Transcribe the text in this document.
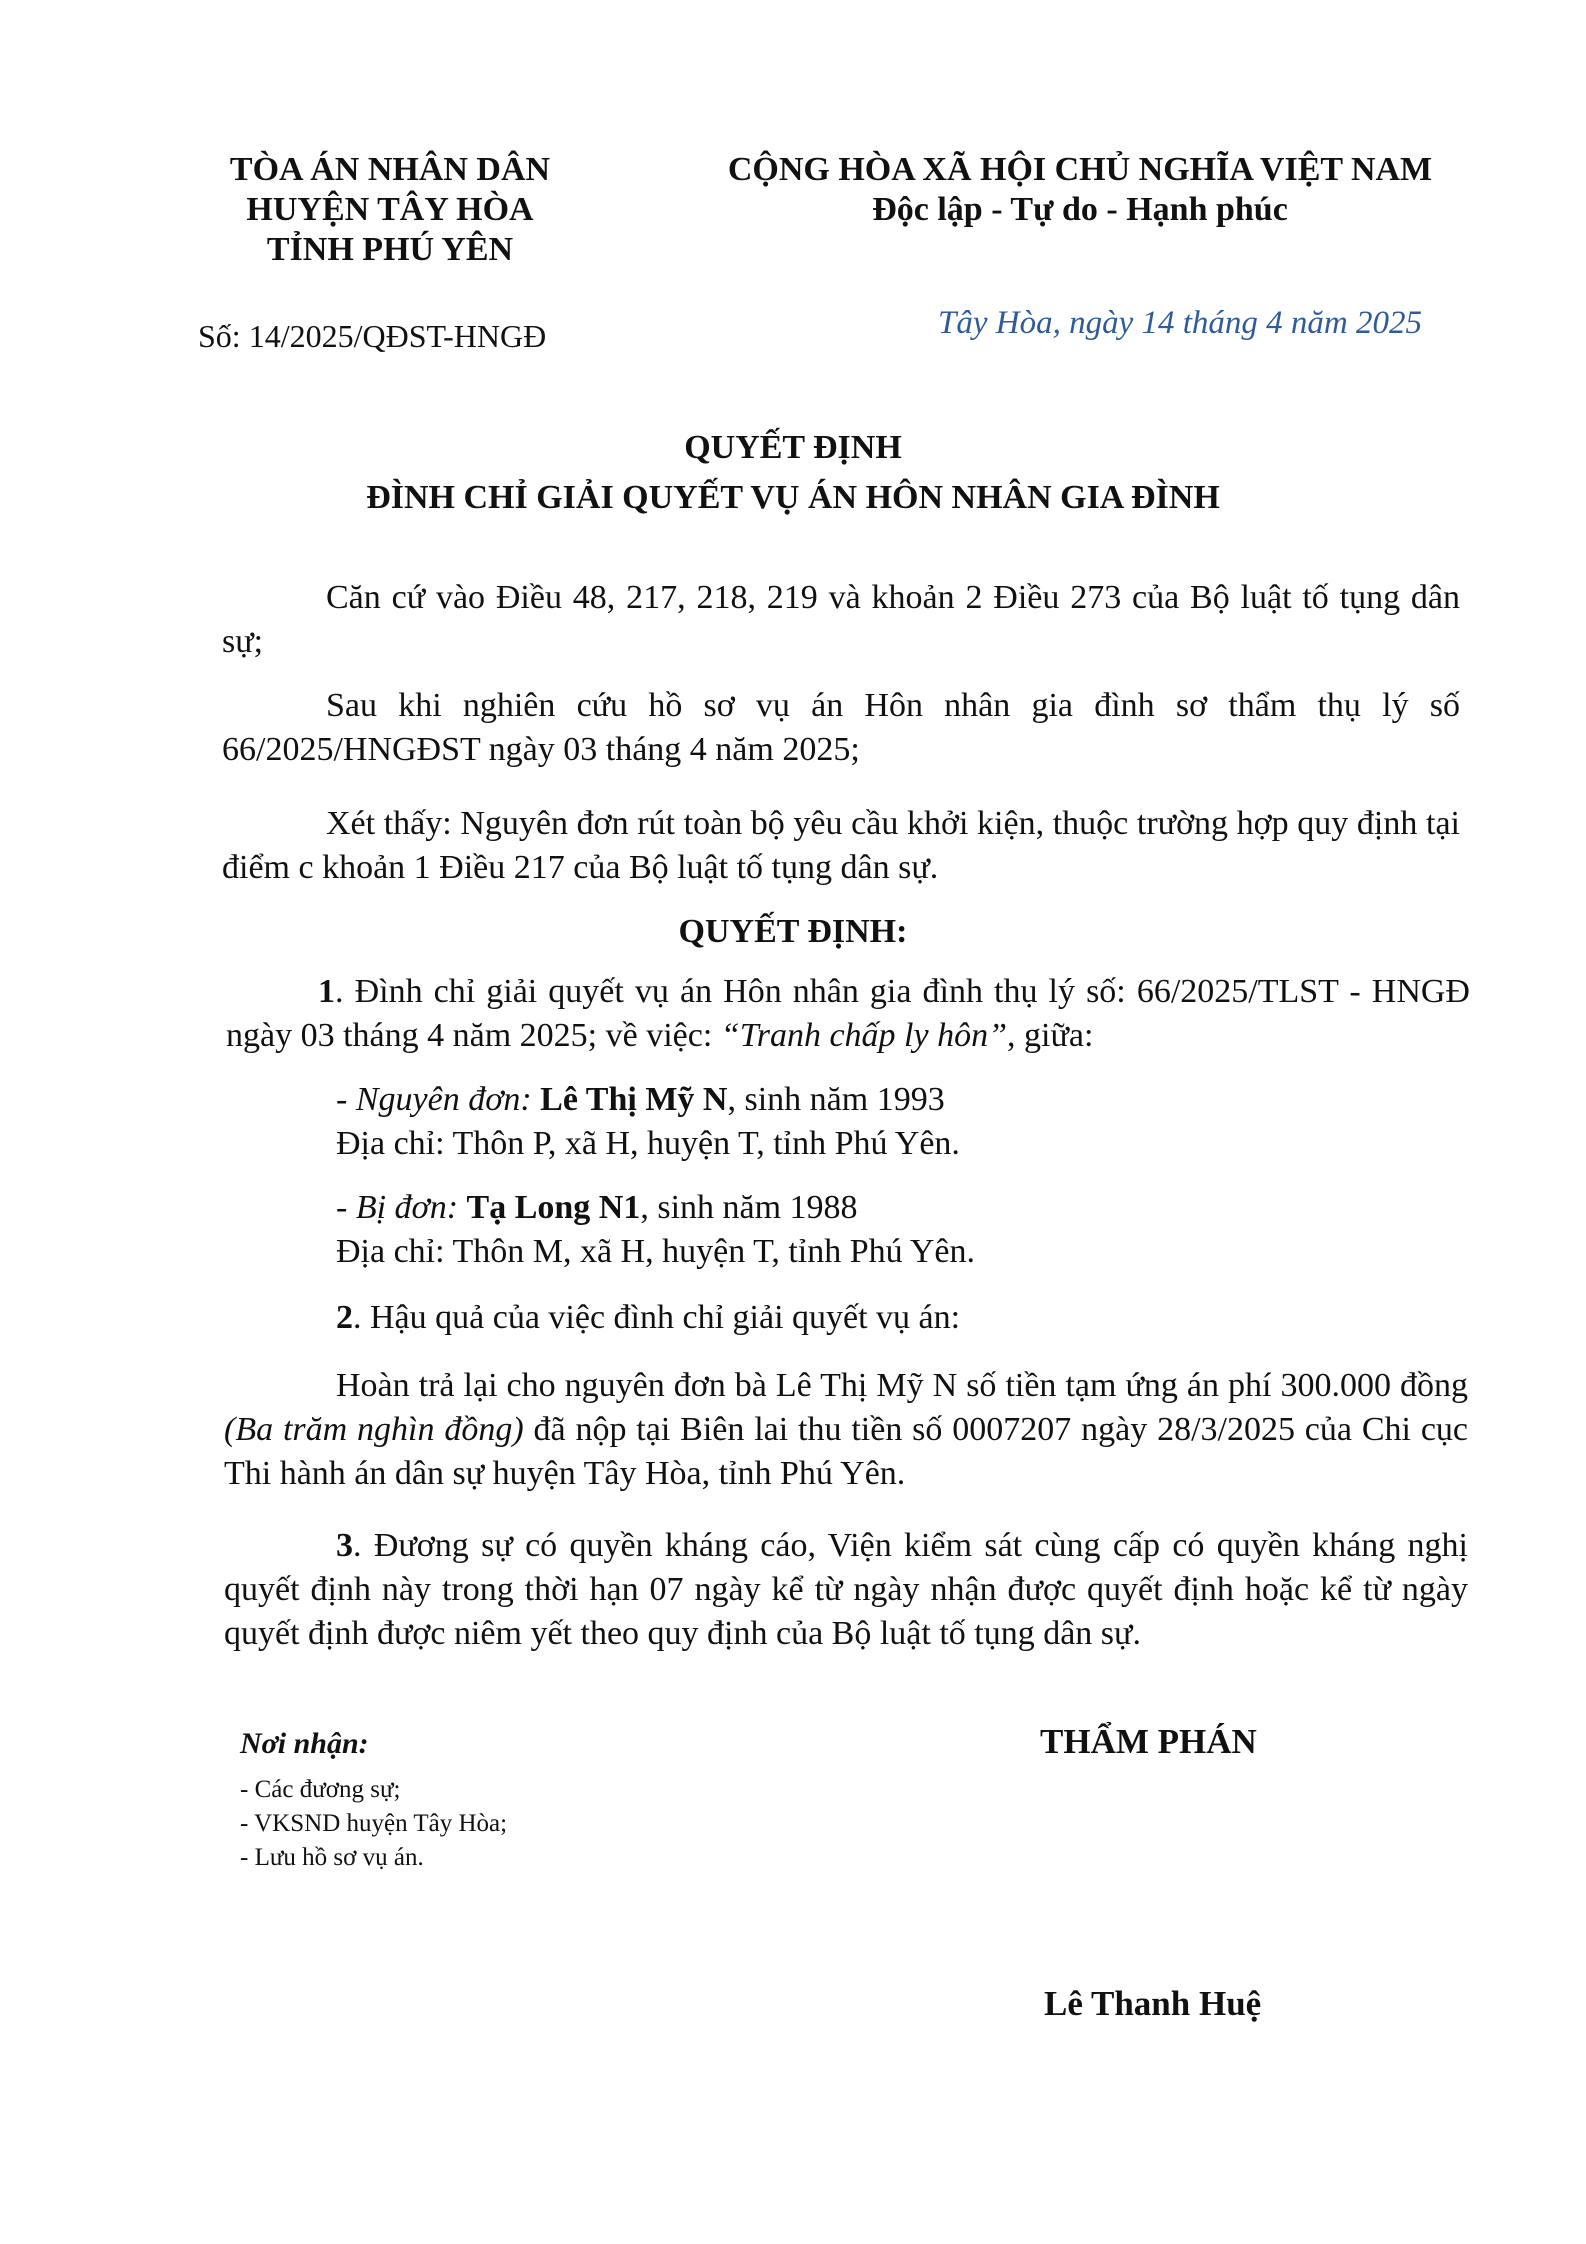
TÒA ÁN NHÂN DÂN
HUYỆN TÂY HÒA
TỈNH PHÚ YÊN
CỘNG HÒA XÃ HỘI CHỦ NGHĨA VIỆT NAM
Độc lập - Tự do - Hạnh phúc
Số: 14/2025/QĐST-HNGĐ	Tây Hòa, ngày 14 tháng 4 năm 2025
QUYẾT ĐỊNH
ĐÌNH CHỈ GIẢI QUYẾT VỤ ÁN HÔN NHÂN GIA ĐÌNH
Căn cứ vào Điều 48, 217, 218, 219 và khoản 2 Điều 273 của Bộ luật tố tụng dân sự;
Sau khi nghiên cứu hồ sơ vụ án Hôn nhân gia đình sơ thẩm thụ lý số 66/2025/HNGĐST ngày 03 tháng 4 năm 2025;
Xét thấy: Nguyên đơn rút toàn bộ yêu cầu khởi kiện, thuộc trường hợp quy định tại điểm c khoản 1 Điều 217 của Bộ luật tố tụng dân sự.
QUYẾT ĐỊNH:
1. Đình chỉ giải quyết vụ án Hôn nhân gia đình thụ lý số: 66/2025/TLST - HNGĐ ngày 03 tháng 4 năm 2025; về việc: “Tranh chấp ly hôn”, giữa:
- Nguyên đơn: Lê Thị Mỹ N, sinh năm 1993
Địa chỉ: Thôn P, xã H, huyện T, tỉnh Phú Yên.
- Bị đơn: Tạ Long N1, sinh năm 1988
Địa chỉ: Thôn M, xã H, huyện T, tỉnh Phú Yên.
2. Hậu quả của việc đình chỉ giải quyết vụ án:
Hoàn trả lại cho nguyên đơn bà Lê Thị Mỹ N số tiền tạm ứng án phí 300.000 đồng (Ba trăm nghìn đồng) đã nộp tại Biên lai thu tiền số 0007207 ngày 28/3/2025 của Chi cục Thi hành án dân sự huyện Tây Hòa, tỉnh Phú Yên.
3. Đương sự có quyền kháng cáo, Viện kiểm sát cùng cấp có quyền kháng nghị quyết định này trong thời hạn 07 ngày kể từ ngày nhận được quyết định hoặc kể từ ngày quyết định được niêm yết theo quy định của Bộ luật tố tụng dân sự.
Nơi nhận:
- Các đương sự;
- VKSND huyện Tây Hòa;
- Lưu hồ sơ vụ án.
THẨM PHÁN
Lê Thanh Huệ
